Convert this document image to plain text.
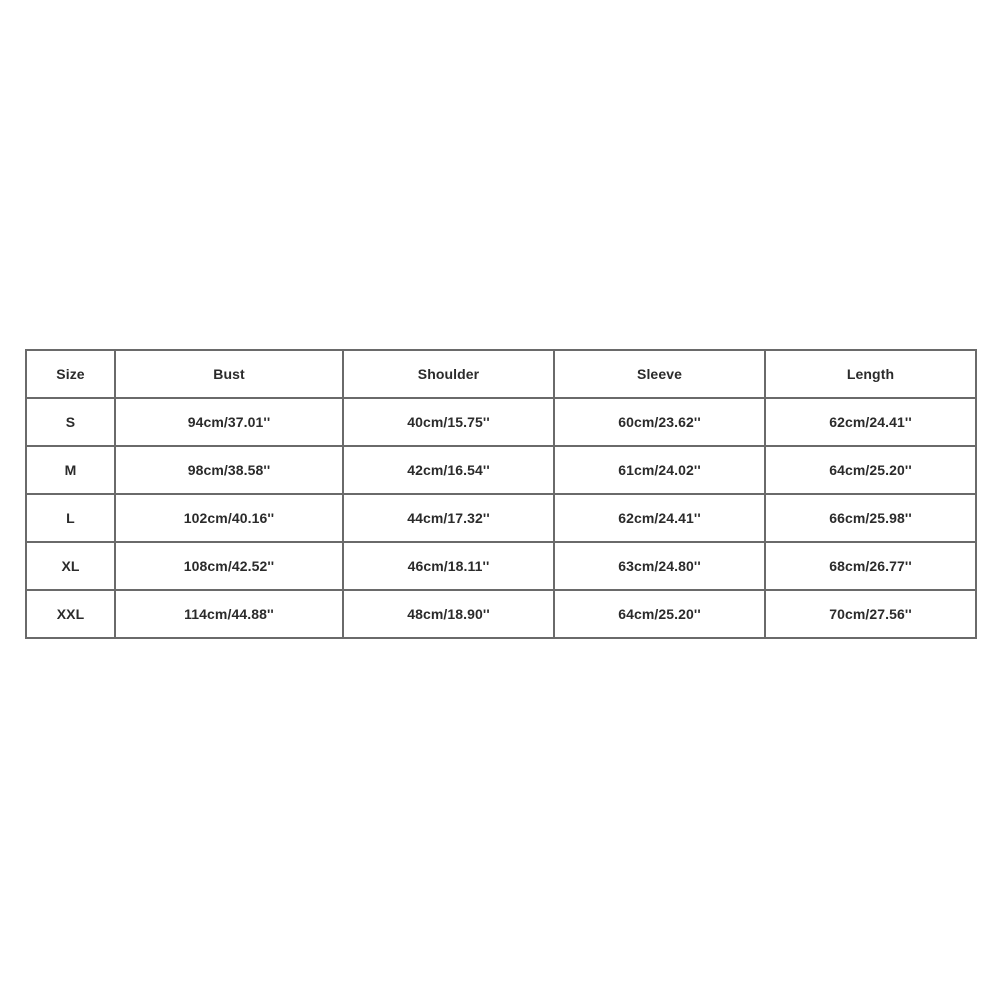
Size	Bust	Shoulder	Sleeve	Length
S	94cm/37.01''	40cm/15.75''	60cm/23.62''	62cm/24.41''
M	98cm/38.58''	42cm/16.54''	61cm/24.02''	64cm/25.20''
L	102cm/40.16''	44cm/17.32''	62cm/24.41''	66cm/25.98''
XL	108cm/42.52''	46cm/18.11''	63cm/24.80''	68cm/26.77''
XXL	114cm/44.88''	48cm/18.90''	64cm/25.20''	70cm/27.56''
